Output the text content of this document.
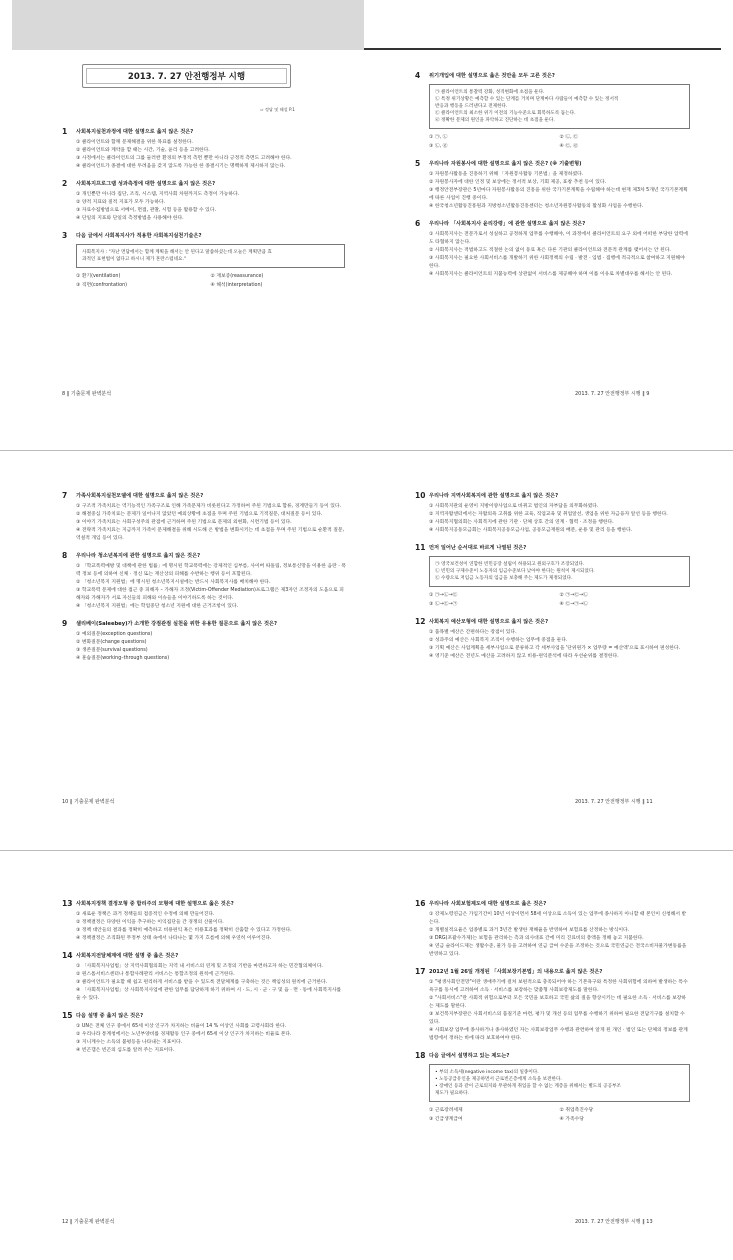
2013. 7. 27 안전행정부 시행
⇨ 정답 및 해설 P.1
1	사회복지실천과정에 대한 설명으로 옳지 않은 것은?
① 클라이언트와 함께 문제해결을 위한 목표를 설정한다.
② 클라이언트와 계약을 할 때는 시간, 기술, 윤리 등을 고려한다.
③ 사정에서는 클라이언트의 그를 둘러싼 환경의 부정적 측면 뿐만 아니라 긍정적 측면도 고려해야 한다.
④ 클라이언트가 종결에 대한 두려움을 갖지 않도록 가능한 한 종결시기는 명백하게 제시하지 않는다.
2	사회복지프로그램 성과측정에 대한 설명으로 옳지 않은 것은?
① 개인뿐만 아니라 집단, 조직, 시스템, 지역사회 차원까지도 측정이 가능하다.
② 양적 지표와 질적 지표가 모두 가능하다.
③ 자료수집방법으로 서베이, 면접, 관찰, 시험 등을 활용할 수 있다.
④ 단일의 지표와 단일의 측정방법을 사용해야 한다.
3	다음 글에서 사회복지사가 적용한 사회복지실천기술은?
사회복지사 : "자난 면담에서는 함께 계획을 해서는 안 된다고 말씀하셨는데 오늘은 계획만큼 효
과적인 표현법이 없다고 하시니 제가 혼란스럽네요."
① 환기(ventilation)	② 재보증(reassurance)
③ 직면(confrontation)	④ 해석(interpretation)
4	위기개입에 대한 설명으로 옳은 것만을 모두 고른 것은?
㉠ 클라이언트의 통찰력 강화, 성격변화에 초점을 둔다.
㉡ 특정 위기상황은 예측할 수 있는 단계를 거치며 단계마다 사람들이 예측할 수 있는 정서적
반응과 행동을 드러낸다고 전제한다.
㉢ 클라이언트의 최소한 위기 이전의 기능수준으로 회복하도록 돕는다.
㉣ 정확한 문제의 원인을 파악하고 진단하는 데 초점을 둔다.
① ㉠, ㉡	② ㉡, ㉢
③ ㉡, ㉣	④ ㉢, ㉣
5	우리나라 자원봉사에 대한 설명으로 옳지 않은 것은? (※ 기출변형)
① 자원봉사활동을 진흥하기 위해 「자원봉사활동 기본법」을 제정하였다.
② 자원봉사자에 대한 인정 및 보상에는 정서적 보상, 기회 제공, 표창 추천 등이 있다.
③ 행정안전부장관은 5년마다 자원봉사활동의 진흥을 위한 국가기본계획을 수립해야 하는데 현재 제3차 5개년 국가기본계획에 따른 사업이 진행 중이다.
④ 한국청소년활동진흥원과 지방청소년활동진흥센터는 청소년자원봉사활동의 활성화 사업을 수행한다.
6	우리나라 「사회복지사 윤리강령」에 관한 설명으로 옳지 않은 것은?
① 사회복지사는 전문가로서 성실하고 공정하게 업무를 수행해야, 이 과정에서 클라이언트의 요구 외에 어떠한 부당한 압력에도 타협하지 않는다.
② 사회복지사는 적법하고도 적절한 논의 없이 동료 혹은 다른 기관의 클라이언트와 전문적 관계를 맺어서는 안 된다.
③ 사회복지사는 필요한 사회서비스를 개발하기 위한 사회정책의 수립 · 발전 · 입법 · 집행에 적극적으로 참여하고 지원해야 한다.
④ 사회복지사는 클라이언트의 지불능력에 상관없이 서비스를 제공해야 하며 이를 이유로 차별대우를 해서는 안 된다.
8 ‖ 기출문제 완벽분석	2013. 7. 27 안전행정부 시행 ‖ 9
7	가족사회복지실천모델에 대한 설명으로 옳지 않은 것은?
① 구조적 가족치료는 역기능적인 가족구조로 인해 가족문제가 비롯된다고 가정하여 주된 기법으로 합류, 경계만들기 등이 있다.
② 해결중심 가족치료는 문제가 일어나지 않았던 예외상황에 초점을 두며 주된 기법으로 기적질문, 대처질문 등이 있다.
③ 이야기 가족치료는 사회구성주의 관점에 근거하며 주된 기법으로 문제의 외현화, 시련기법 등이 있다.
④ 전략적 가족치료는 지금까지 가족이 문제해결을 위해 시도해 온 방법을 변화시키는 데 초점을 두며 주된 기법으로 순환적 질문, 역설적 개입 등이 있다.
8	우리나라 청소년복지에 관한 설명으로 옳지 않은 것은?
① 「학교폭력예방 및 대책에 관한 법률」에 명시된 학교폭력에는 강제적인 심부름, 사이버 따돌림, 정보통신망을 이용한 음란 · 폭력 정보 등에 의하여 신체 · 정신 또는 재산상의 피해를 수반하는 행위 등이 포함된다.
② 「청소년복지 지원법」에 명시된 청소년복지시설에는 반드시 사회복지사를 배치해야 한다.
③ 학교폭력 문제에 대한 접근 중 피해자 – 가해자 조정(Victim-Offender Mediation)프로그램은 제3자인 조정자의 도움으로 피해자와 가해자가 서로 자신들의 피해와 이슈들을 이야기하도록 하는 것이다.
④ 「청소년복지 지원법」에는 학업중단 청소년 지원에 대한 근거조항이 있다.
9	샐리베이(Saleebey)가 소개한 강점관점 실천을 위한 유용한 질문으로 옳지 않은 것은?
① 예외질문(exception questions)
② 변화질문(change questions)
③ 생존질문(survival questions)
④ 훈습질문(working–through questions)
10 우리나라 지역사회복지에 관한 설명으로 옳지 않은 것은?
① 사회복지관의 운영이 지방이양사업으로 바뀌고 법인의 자부담을 의무화하였다.
② 지역자활센터에서는 자활의욕 고취를 위한 교육, 직업교육 및 취업알선, 생업을 위한 자금융자 알선 등을 행한다.
③ 사회복지협의회는 사회복지에 관한 기관 · 단체 상호 간의 연계 · 협력 · 조정을 행한다.
④ 사회복지공동모금회는 사회복지공동모금사업, 공동모금재원의 배분, 운용 및 관리 등을 행한다.
11 먼저 일어난 순서대로 바르게 나열된 것은?
㉠ 영국보건성이 연합한 빈민공장 설립이 허용되고 원외구호가 조장되었다.
㉡ 빈민의 구제수준이 노동자의 임금수준보다 낮아야 한다는 원칙이 제시되었다.
㉢ 수량으로 저임금 노동자의 임금을 보충해 주는 제도가 제정되었다.
① ㉠→㉡→㉢	② ㉠→㉢→㉡
③ ㉡→㉢→㉠	④ ㉢→㉠→㉡
12 사회복지 예산모형에 대한 설명으로 옳지 않은 것은?
① 품목별 예산은 간편하다는 장점이 있다.
② 성과주의 예산은 사회복지 조직이 수행하는 업무에 중점을 둔다.
③ 기획 예산은 사업계획을 세부사업으로 분류하고 각 세부사업을 '단위원가 × 업무량 = 예산액'으로 표시하여 편성한다.
④ 영기준 예산은 전년도 예산을 고려하지 않고 비용-편익분석에 따라 우선순위를 결정한다.
10 ‖ 기출문제 완벽분석	2013. 7. 27 안전행정부 시행 ‖ 11
13 사회복지정책 결정모형 중 합리주의 모형에 대한 설명으로 옳은 것은?
① 새로운 정책은 과거 정책들의 점증적인 수정에 의해 만들어진다.
② 정책결정은 다양한 이익을 추구하는 이익집단들 간 경쟁의 산물이다.
③ 정책 대안들의 결과를 정확히 예측하고 비용편익 혹은 비용효과를 정확히 산출할 수 있다고 가정한다.
④ 정책결정은 조직화된 무정부 상태 속에서 나타나는 몇 가지 흐름에 의해 우연히 이루어진다.
14 사회복지전달체계에 대한 설명 중 옳은 것은?
① 「사회복지사업법」상 지역사회협의회는 지역 내 서비스의 연계 및 조정의 기반을 마련하고자 하는 민간협의체이다.
② 원스톱서비스센터나 통합사례관리 서비스는 통합조정의 원칙에 근거한다.
③ 클라이언트가 필요할 때 쉽고 편리하게 서비스를 받을 수 있도록 전달체계를 구축하는 것은 책임성의 원칙에 근거한다.
④ 「사회복지사업법」상 사회복지사업에 관한 업무를 담당하게 하기 위하여 시 · 도, 시 · 군 · 구 및 읍 · 면 · 동에 사회복지사를 둘 수 있다.
15 다음 설명 중 옳지 않은 것은?
① UN은 전체 인구 중에서 65세 이상 인구가 차지하는 비율이 14 % 이상인 사회를 고령사회라 한다.
② 우리나라 통계청에서는 노년부양비를 경제활동 인구 중에서 65세 이상 인구가 차지하는 비율로 본다.
③ 지니계수는 소득의 불평등을 나타내는 지표이다.
④ 빈곤갭은 빈곤의 심도를 알려 주는 지표이다.
16 우리나라 사회보험제도에 대한 설명으로 옳은 것은?
① 강제노령연금은 가입기간이 10년 이상이면서 58세 이상으로 소득이 있는 업무에 종사하지 아니할 때 본인이 신청해서 받는다.
② 개별실적요율은 업종별로 과거 3년간 발생한 재해율을 반영하여 보험료를 산정하는 방식이다.
③ DRG(포괄수가제)는 보험을 관리하는 측과 의사대표 간에 미리 진료비의 총액을 정해 놓고 지불한다.
④ 연금 슬라이드제는 생활수준, 물가 등을 고려하여 연금 급여 수준을 조정하는 것으로 국민연금은 전국소비자물가변동률을 반영하고 있다.
17 2012년 1월 26일 개정된 「사회보장기본법」의 내용으로 옳지 않은 것은?
① "평생사회안전망"이란 생애주기에 걸쳐 보편적으로 충족되어야 하는 기본욕구와 특정한 사회위험에 의하여 발생하는 특수욕구를 동시에 고려하여 소득 · 서비스를 보장하는 맞춤형 사회보장제도를 말한다.
② "사회서비스"란 사회적 위험으로부터 모든 국민을 보호하고 국민 삶의 질을 향상시키는 데 필요한 소득 · 서비스를 보장하는 제도를 말한다.
③ 보건복지부장관은 사회서비스의 품질기준 마련, 평가 및 개선 등의 업무를 수행하기 위하여 필요한 전담기구를 설치할 수 있다.
④ 사회보장 업무에 종사하거나 종사하였던 자는 사회보장업무 수행과 관련하여 알게 된 개인 · 법인 또는 단체의 정보를 관계 법령에서 정하는 바에 따라 보호하여야 한다.
18 다음 글에서 설명하고 있는 제도는?
• 부의 소득세(negative income tax)의 일종이다.
• 노동공급유인을 제공하면서 근로빈곤층에게 소득을 보전한다.
• 장애인 등과 같이 근로의지와 무관하게 취업을 할 수 없는 계층을 위해서는 별도의 공공부조
제도가 필요하다.
① 근로장려세제	② 취업촉진수당
③ 긴급생계급여	④ 가족수당
12 ‖ 기출문제 완벽분석	2013. 7. 27 안전행정부 시행 ‖ 13
